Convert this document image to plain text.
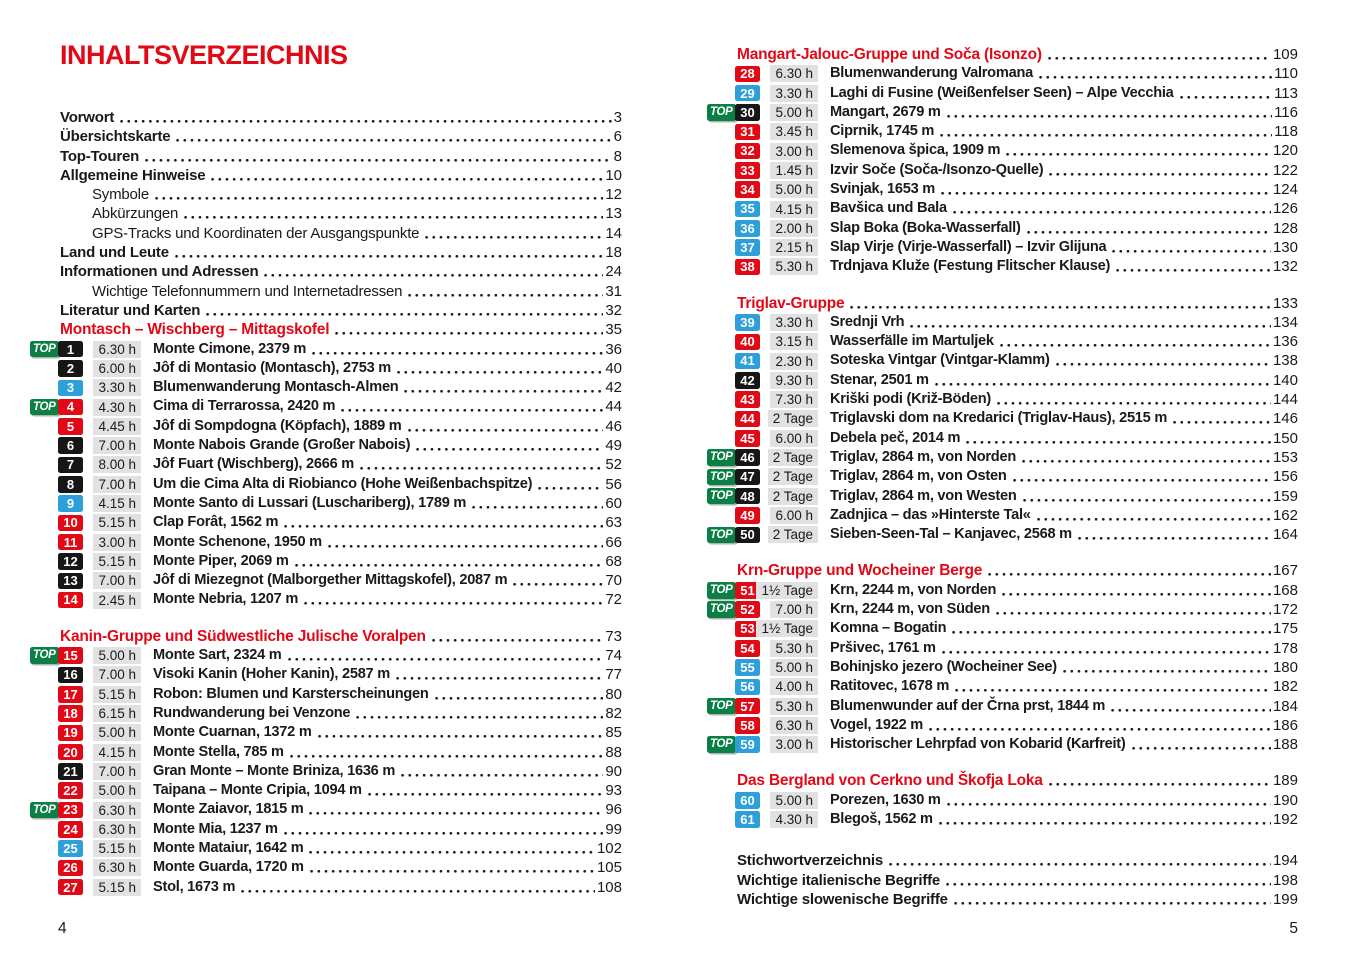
INHALTSVERZEICHNIS
Vorwort	3
Übersichtskarte	6
Top-Touren	8
Allgemeine Hinweise	10
Symbole	12
Abkürzungen	13
GPS-Tracks und Koordinaten der Ausgangspunkte	14
Land und Leute	18
Informationen und Adressen	24
Wichtige Telefonnummern und Internetadressen	31
Literatur und Karten	32
Montasch – Wischberg – Mittagskofel	35
TOP 1	6.30 h	Monte Cimone, 2379 m	36
2	6.00 h	Jôf di Montasio (Montasch), 2753 m	40
3	3.30 h	Blumenwanderung Montasch-Almen	42
TOP 4	4.30 h	Cima di Terrarossa, 2420 m	44
5	4.45 h	Jôf di Sompdogna (Köpfach), 1889 m	46
6	7.00 h	Monte Nabois Grande (Großer Nabois)	49
7	8.00 h	Jôf Fuart (Wischberg), 2666 m	52
8	7.00 h	Um die Cima Alta di Riobianco (Hohe Weißenbachspitze)	56
9	4.15 h	Monte Santo di Lussari (Luschariberg), 1789 m	60
10	5.15 h	Clap Forât, 1562 m	63
11	3.00 h	Monte Schenone, 1950 m	66
12	5.15 h	Monte Piper, 2069 m	68
13	7.00 h	Jôf di Miezegnot (Malborgether Mittagskofel), 2087 m	70
14	2.45 h	Monte Nebria, 1207 m	72
Kanin-Gruppe und Südwestliche Julische Voralpen	73
TOP 15	5.00 h	Monte Sart, 2324 m	74
16	7.00 h	Visoki Kanin (Hoher Kanin), 2587 m	77
17	5.15 h	Robon: Blumen und Karsterscheinungen	80
18	6.15 h	Rundwanderung bei Venzone	82
19	5.00 h	Monte Cuarnan, 1372 m	85
20	4.15 h	Monte Stella, 785 m	88
21	7.00 h	Gran Monte – Monte Briniza, 1636 m	90
22	5.00 h	Taipana – Monte Cripia, 1094 m	93
TOP 23	6.30 h	Monte Zaiavor, 1815 m	96
24	6.30 h	Monte Mia, 1237 m	99
25	5.15 h	Monte Mataiur, 1642 m	102
26	6.30 h	Monte Guarda, 1720 m	105
27	5.15 h	Stol, 1673 m	108
Mangart-Jalouc-Gruppe und Soča (Isonzo)	109
28	6.30 h	Blumenwanderung Valromana	110
29	3.30 h	Laghi di Fusine (Weißenfelser Seen) – Alpe Vecchia	113
TOP 30	5.00 h	Mangart, 2679 m	116
31	3.45 h	Ciprnik, 1745 m	118
32	3.00 h	Slemenova špica, 1909 m	120
33	1.45 h	Izvir Soče (Soča-/Isonzo-Quelle)	122
34	5.00 h	Svinjak, 1653 m	124
35	4.15 h	Bavšica und Bala	126
36	2.00 h	Slap Boka (Boka-Wasserfall)	128
37	2.15 h	Slap Virje (Virje-Wasserfall) – Izvir Glijuna	130
38	5.30 h	Trdnjava Kluže (Festung Flitscher Klause)	132
Triglav-Gruppe	133
39	3.30 h	Srednji Vrh	134
40	3.15 h	Wasserfälle im Martuljek	136
41	2.30 h	Soteska Vintgar (Vintgar-Klamm)	138
42	9.30 h	Stenar, 2501 m	140
43	7.30 h	Kriški podi (Križ-Böden)	144
44	2 Tage	Triglavski dom na Kredarici (Triglav-Haus), 2515 m	146
45	6.00 h	Debela peč, 2014 m	150
TOP 46	2 Tage	Triglav, 2864 m, von Norden	153
TOP 47	2 Tage	Triglav, 2864 m, von Osten	156
TOP 48	2 Tage	Triglav, 2864 m, von Westen	159
49	6.00 h	Zadnjica – das »Hinterste Tal«	162
TOP 50	2 Tage	Sieben-Seen-Tal – Kanjavec, 2568 m	164
Krn-Gruppe und Wocheiner Berge	167
TOP 51 1½ Tage	Krn, 2244 m, von Norden	168
TOP 52	7.00 h	Krn, 2244 m, von Süden	172
53 1½ Tage	Komna – Bogatin	175
54	5.30 h	Pršivec, 1761 m	178
55	5.00 h	Bohinjsko jezero (Wocheiner See)	180
56	4.00 h	Ratitovec, 1678 m	182
TOP 57	5.30 h	Blumenwunder auf der Črna prst, 1844 m	184
58	6.30 h	Vogel, 1922 m	186
TOP 59	3.00 h	Historischer Lehrpfad von Kobarid (Karfreit)	188
Das Bergland von Cerkno und Škofja Loka	189
60	5.00 h	Porezen, 1630 m	190
61	4.30 h	Blegoš, 1562 m	192
Stichwortverzeichnis	194
Wichtige italienische Begriffe	198
Wichtige slowenische Begriffe	199
4	5
